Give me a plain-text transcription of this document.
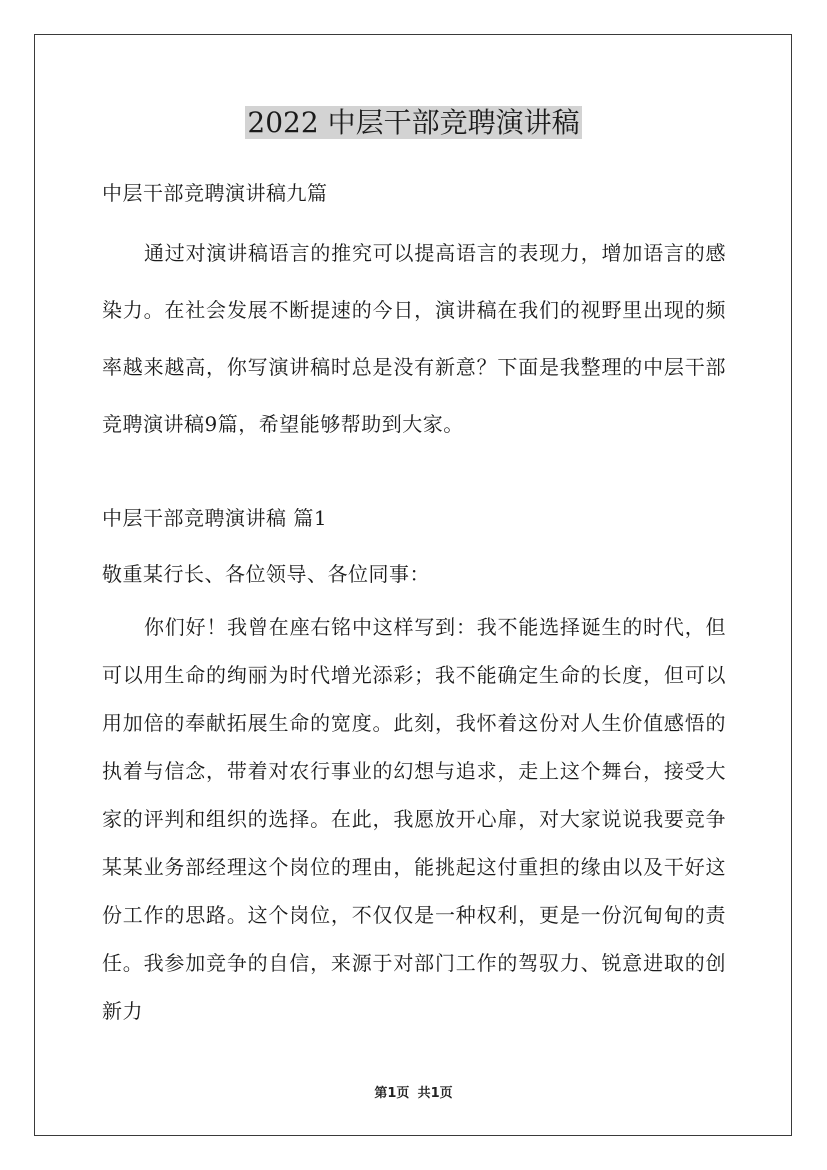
2022 中层干部竞聘演讲稿

中层干部竞聘演讲稿九篇

通过对演讲稿语言的推究可以提高语言的表现力，增加语言的感染力。在社会发展不断提速的今日，演讲稿在我们的视野里出现的频率越来越高，你写演讲稿时总是没有新意？下面是我整理的中层干部竞聘演讲稿9篇，希望能够帮助到大家。

中层干部竞聘演讲稿 篇1

敬重某行长、各位领导、各位同事：

你们好！我曾在座右铭中这样写到：我不能选择诞生的时代，但可以用生命的绚丽为时代增光添彩；我不能确定生命的长度，但可以用加倍的奉献拓展生命的宽度。此刻，我怀着这份对人生价值感悟的执着与信念，带着对农行事业的幻想与追求，走上这个舞台，接受大家的评判和组织的选择。在此，我愿放开心扉，对大家说说我要竞争某某业务部经理这个岗位的理由，能挑起这付重担的缘由以及干好这份工作的思路。这个岗位，不仅仅是一种权利，更是一份沉甸甸的责任。我参加竞争的自信，来源于对部门工作的驾驭力、锐意进取的创新力

第1页 共1页
